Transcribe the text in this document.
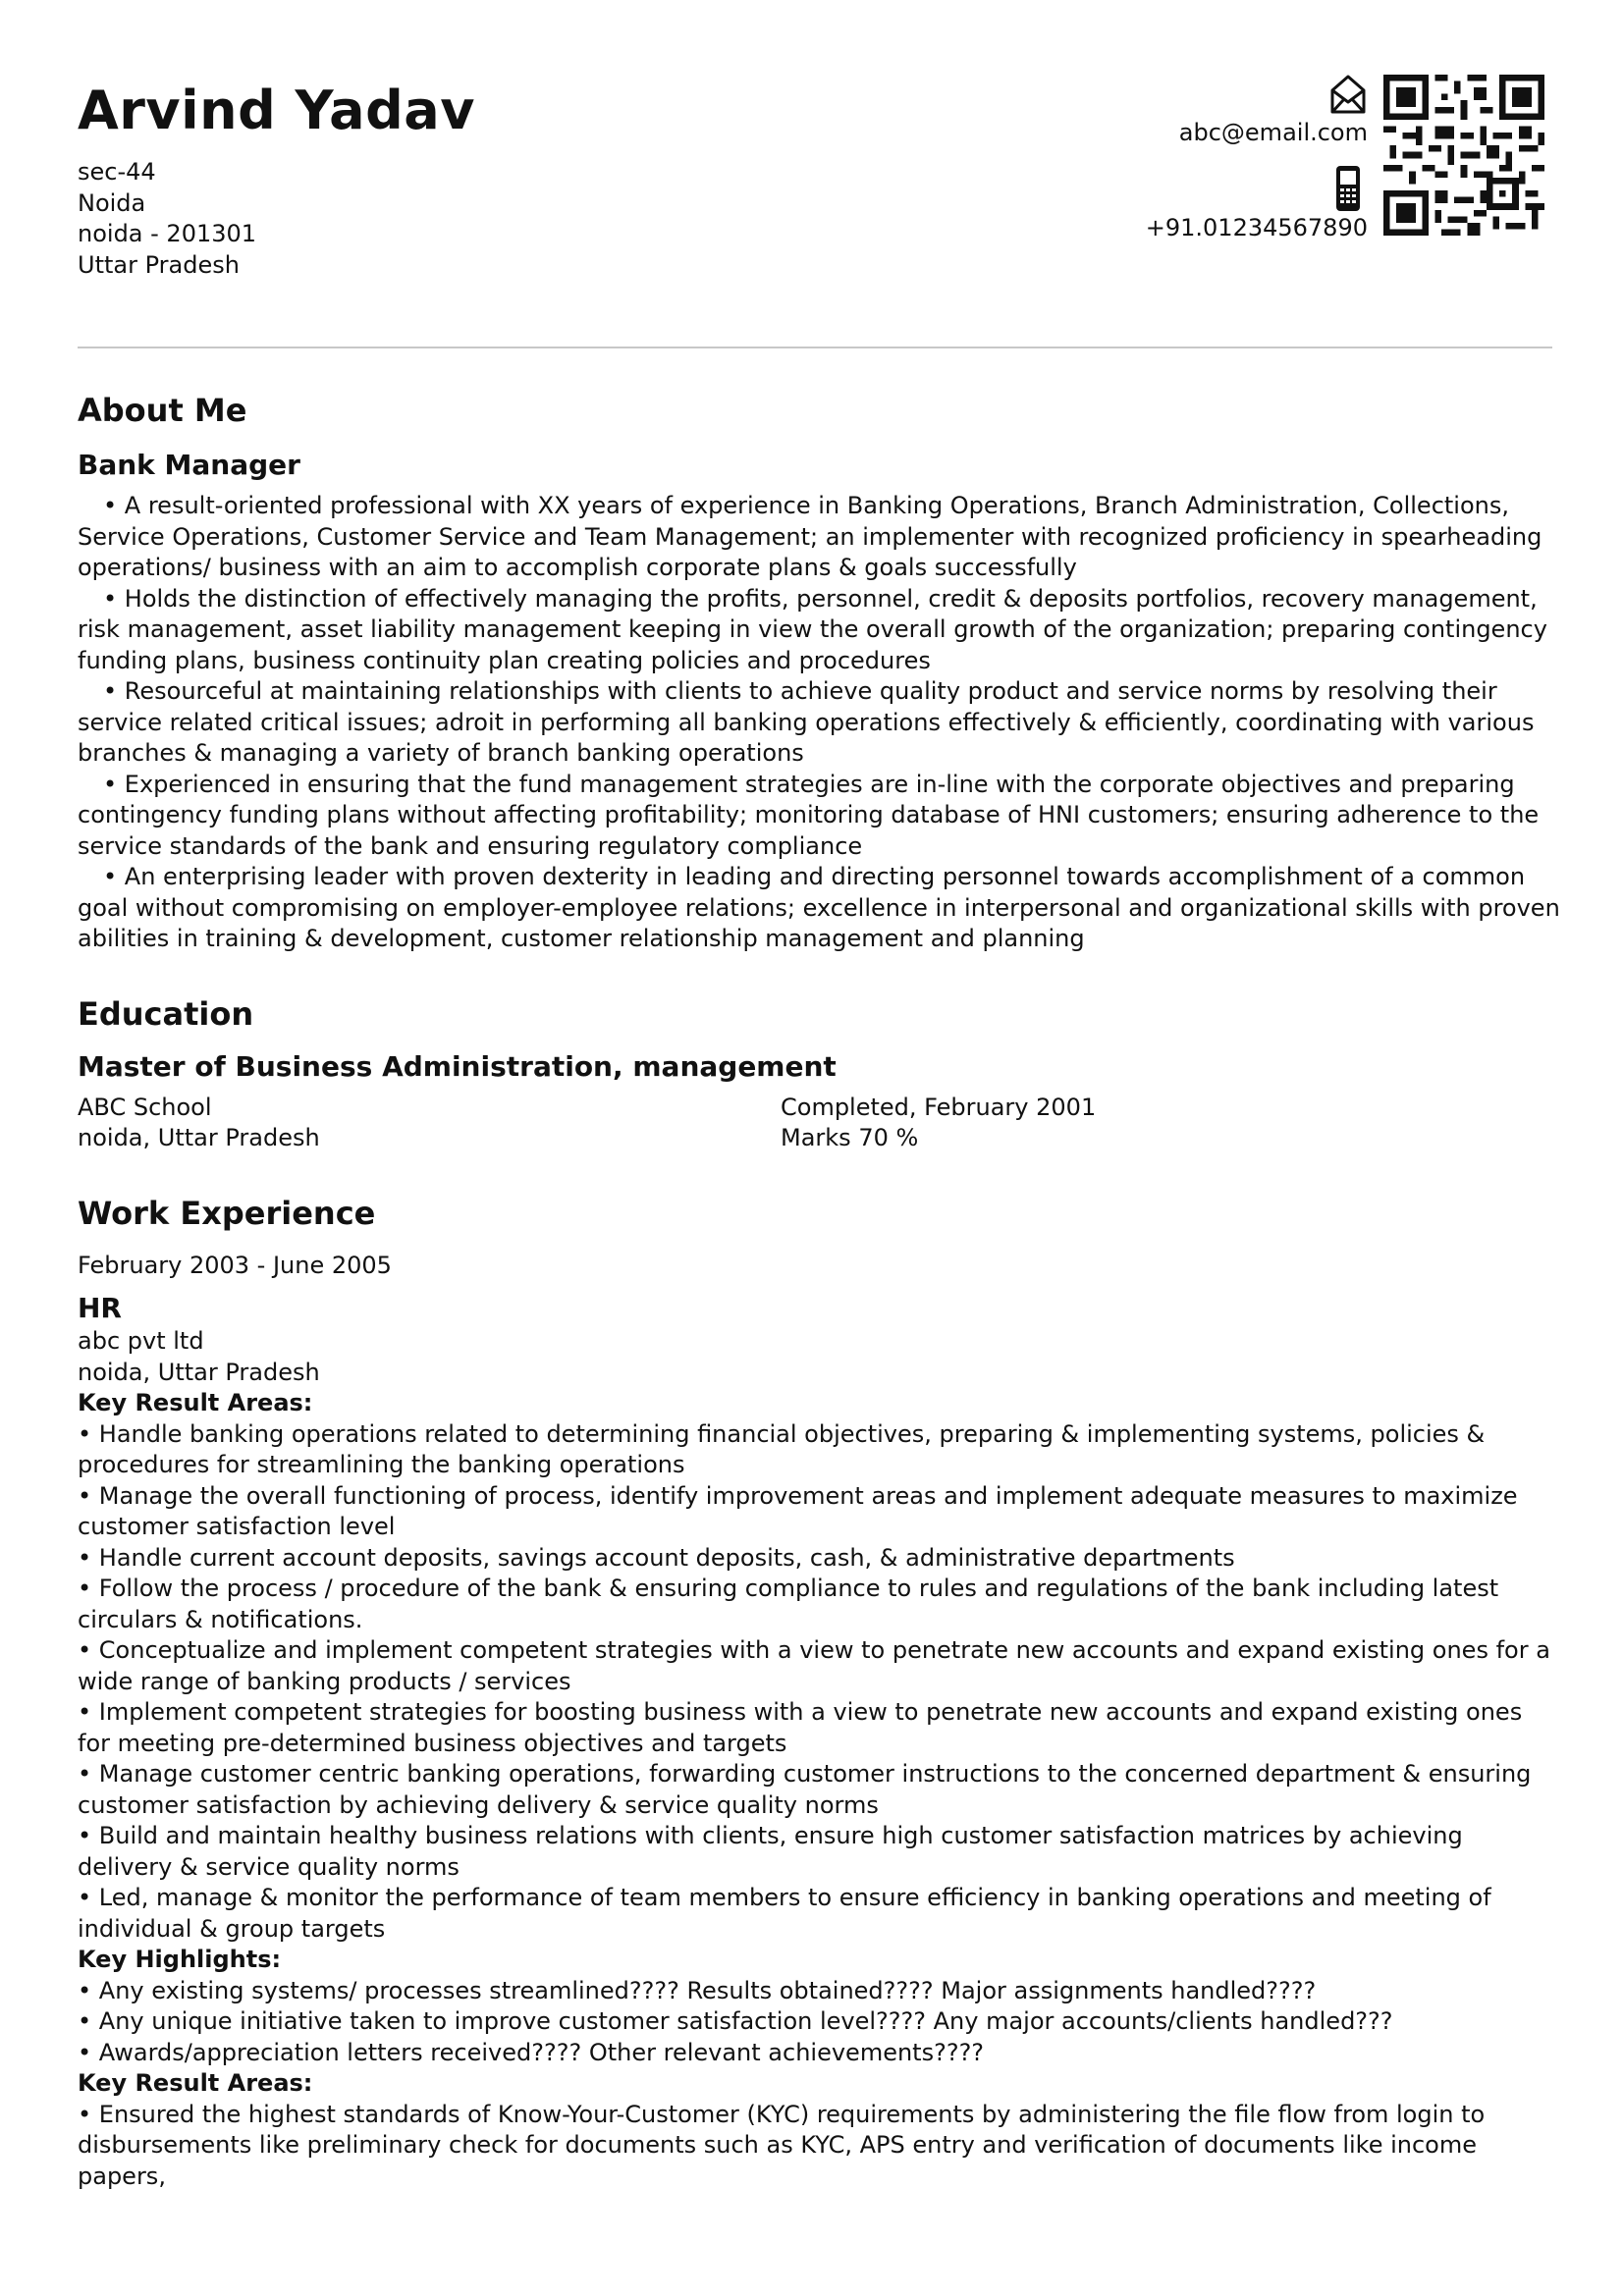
Arvind Yadav
sec-44
Noida
noida - 201301
Uttar Pradesh
abc@email.com
+91.01234567890
About Me
Bank Manager
• A result-oriented professional with XX years of experience in Banking Operations, Branch Administration, Collections, Service Operations, Customer Service and Team Management; an implementer with recognized proficiency in spearheading operations/ business with an aim to accomplish corporate plans & goals successfully
• Holds the distinction of effectively managing the profits, personnel, credit & deposits portfolios, recovery management, risk management, asset liability management keeping in view the overall growth of the organization; preparing contingency funding plans, business continuity plan creating policies and procedures
• Resourceful at maintaining relationships with clients to achieve quality product and service norms by resolving their service related critical issues; adroit in performing all banking operations effectively & efficiently, coordinating with various branches & managing a variety of branch banking operations
• Experienced in ensuring that the fund management strategies are in-line with the corporate objectives and preparing contingency funding plans without affecting profitability; monitoring database of HNI customers; ensuring adherence to the service standards of the bank and ensuring regulatory compliance
• An enterprising leader with proven dexterity in leading and directing personnel towards accomplishment of a common goal without compromising on employer-employee relations; excellence in interpersonal and organizational skills with proven abilities in training & development, customer relationship management and planning
Education
Master of Business Administration, management
ABC School
noida, Uttar Pradesh
Completed, February 2001
Marks 70 %
Work Experience
February 2003 - June 2005
HR
abc pvt ltd
noida, Uttar Pradesh
Key Result Areas:
• Handle banking operations related to determining financial objectives, preparing & implementing systems, policies & procedures for streamlining the banking operations
• Manage the overall functioning of process, identify improvement areas and implement adequate measures to maximize customer satisfaction level
• Handle current account deposits, savings account deposits, cash, & administrative departments
• Follow the process / procedure of the bank & ensuring compliance to rules and regulations of the bank including latest circulars & notifications.
• Conceptualize and implement competent strategies with a view to penetrate new accounts and expand existing ones for a wide range of banking products / services
• Implement competent strategies for boosting business with a view to penetrate new accounts and expand existing ones for meeting pre-determined business objectives and targets
• Manage customer centric banking operations, forwarding customer instructions to the concerned department & ensuring customer satisfaction by achieving delivery & service quality norms
• Build and maintain healthy business relations with clients, ensure high customer satisfaction matrices by achieving delivery & service quality norms
• Led, manage & monitor the performance of team members to ensure efficiency in banking operations and meeting of individual & group targets
Key Highlights:
• Any existing systems/ processes streamlined???? Results obtained???? Major assignments handled????
• Any unique initiative taken to improve customer satisfaction level???? Any major accounts/clients handled???
• Awards/appreciation letters received???? Other relevant achievements????
Key Result Areas:
• Ensured the highest standards of Know-Your-Customer (KYC) requirements by administering the file flow from login to disbursements like preliminary check for documents such as KYC, APS entry and verification of documents like income papers,
